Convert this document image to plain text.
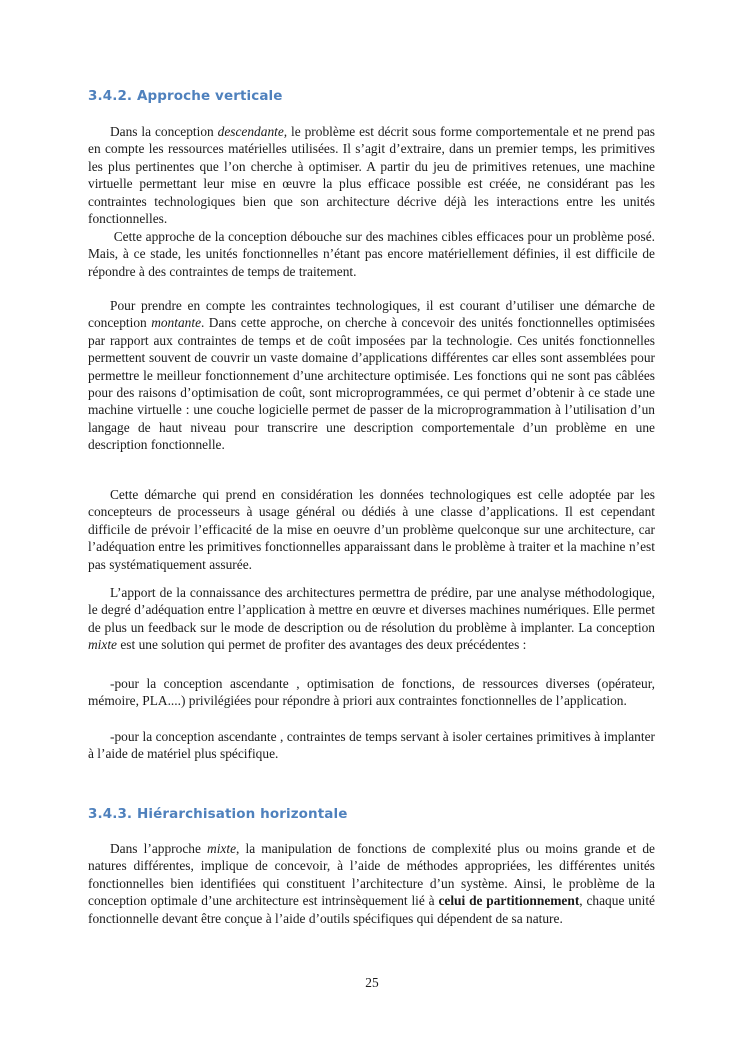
3.4.2. Approche verticale

Dans la conception descendante, le problème est décrit sous forme comportementale et ne prend pas en compte les ressources matérielles utilisées. Il s’agit d’extraire, dans un premier temps, les primitives les plus pertinentes que l’on cherche à optimiser. A partir du jeu de primitives retenues, une machine virtuelle permettant leur mise en œuvre la plus efficace possible est créée, ne considérant pas les contraintes technologiques bien que son architecture décrive déjà les interactions entre les unités fonctionnelles.

Cette approche de la conception débouche sur des machines cibles efficaces pour un problème posé. Mais, à ce stade, les unités fonctionnelles n’étant pas encore matériellement définies, il est difficile de répondre à des contraintes de temps de traitement.

Pour prendre en compte les contraintes technologiques, il est courant d’utiliser une démarche de conception montante. Dans cette approche, on cherche à concevoir des unités fonctionnelles optimisées par rapport aux contraintes de temps et de coût imposées par la technologie. Ces unités fonctionnelles permettent souvent de couvrir un vaste domaine d’applications différentes car elles sont assemblées pour permettre le meilleur fonctionnement d’une architecture optimisée. Les fonctions qui ne sont pas câblées pour des raisons d’optimisation de coût, sont microprogrammées, ce qui permet d’obtenir à ce stade une machine virtuelle : une couche logicielle permet de passer de la microprogrammation à l’utilisation d’un langage de haut niveau pour transcrire une description comportementale d’un problème en une description fonctionnelle.

Cette démarche qui prend en considération les données technologiques est celle adoptée par les concepteurs de processeurs à usage général ou dédiés à une classe d’applications. Il est cependant difficile de prévoir l’efficacité de la mise en oeuvre d’un problème quelconque sur une architecture, car l’adéquation entre les primitives fonctionnelles apparaissant dans le problème à traiter et la machine n’est pas systématiquement assurée.

L’apport de la connaissance des architectures permettra de prédire, par une analyse méthodologique, le degré d’adéquation entre l’application à mettre en œuvre et diverses machines numériques. Elle permet de plus un feedback sur le mode de description ou de résolution du problème à implanter. La conception mixte est une solution qui permet de profiter des avantages des deux précédentes :

-pour la conception ascendante , optimisation de fonctions, de ressources diverses (opérateur, mémoire, PLA....) privilégiées pour répondre à priori aux contraintes fonctionnelles de l’application.

-pour la conception ascendante , contraintes de temps servant à isoler certaines primitives à implanter à l’aide de matériel plus spécifique.

3.4.3. Hiérarchisation horizontale

Dans l’approche mixte, la manipulation de fonctions de complexité plus ou moins grande et de natures différentes, implique de concevoir, à l’aide de méthodes appropriées, les différentes unités fonctionnelles bien identifiées qui constituent l’architecture d’un système. Ainsi, le problème de la conception optimale d’une architecture est intrinsèquement lié à celui de partitionnement, chaque unité fonctionnelle devant être conçue à l’aide d’outils spécifiques qui dépendent de sa nature.

25
